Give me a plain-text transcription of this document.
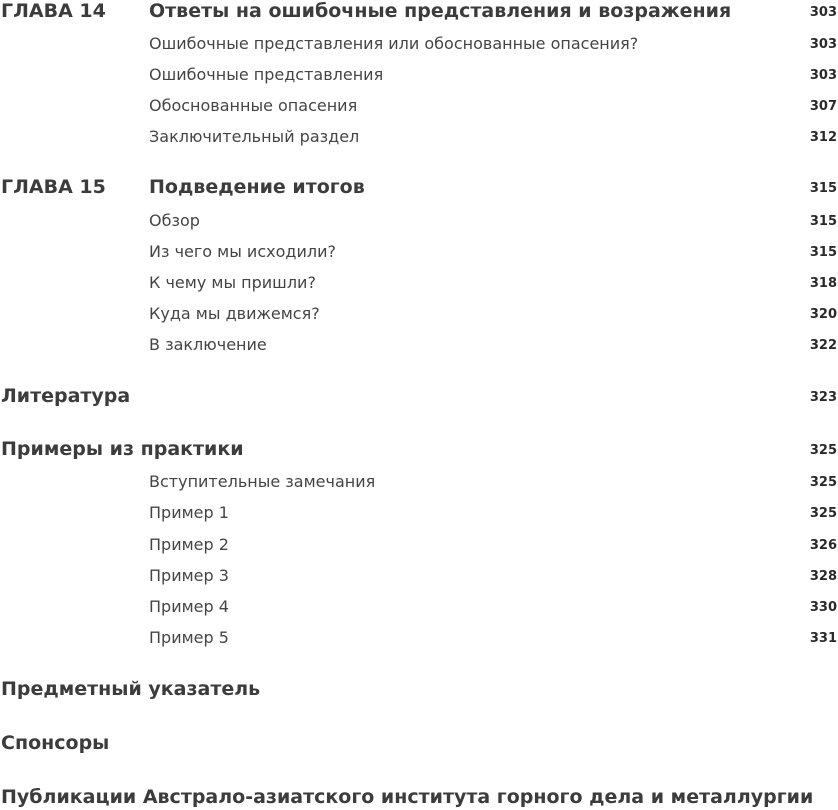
ГЛАВА 14 Ответы на ошибочные представления и возражения	303
Ошибочные представления или обоснованные опасения?	303
Ошибочные представления	303
Обоснованные опасения	307
Заключительный раздел	312
ГЛАВА 15 Подведение итогов	315
Обзор	315
Из чего мы исходили?	315
К чему мы пришли?	318
Куда мы движемся?	320
В заключение	322
Литература	323
Примеры из практики	325
Вступительные замечания	325
Пример 1	325
Пример 2	326
Пример 3	328
Пример 4	330
Пример 5	331
Предметный указатель
Спонсоры
Публикации Австрало-азиатского института горного дела и металлургии
